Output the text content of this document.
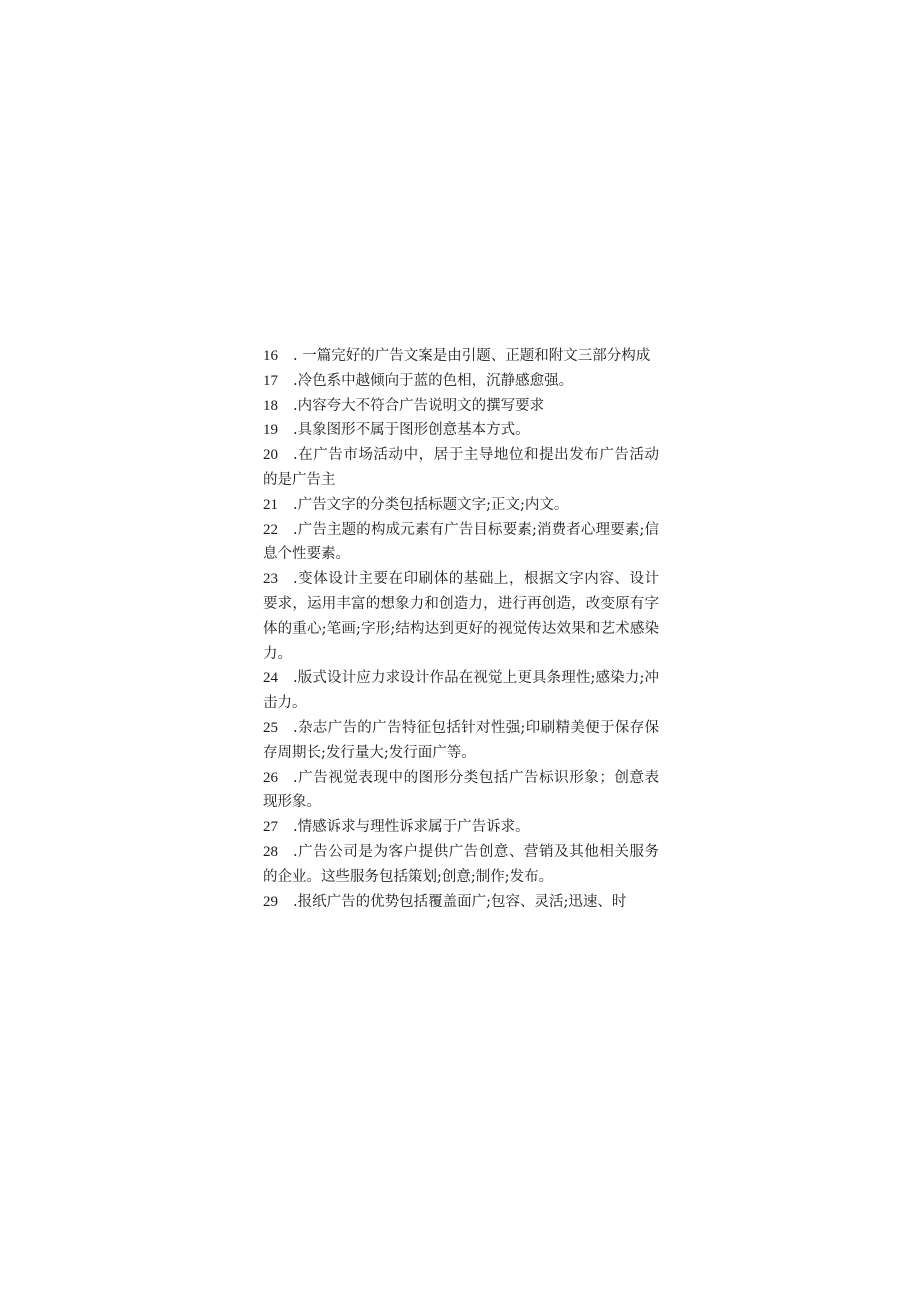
16 . 一篇完好的广告文案是由引题、正题和附文三部分构成

17 .冷色系中越倾向于蓝的色相，沉静感愈强。

18 .内容夸大不符合广告说明文的撰写要求

19 .具象图形不属于图形创意基本方式。

20 .在广告市场活动中，居于主导地位和提出发布广告活动的是广告主

21 .广告文字的分类包括标题文字;正文;内文。

22 .广告主题的构成元素有广告目标要素;消费者心理要素;信息个性要素。

23 .变体设计主要在印刷体的基础上，根据文字内容、设计要求，运用丰富的想象力和创造力，进行再创造，改变原有字体的重心;笔画;字形;结构达到更好的视觉传达效果和艺术感染力。

24 .版式设计应力求设计作品在视觉上更具条理性;感染力;冲击力。

25 .杂志广告的广告特征包括针对性强;印刷精美便于保存保存周期长;发行量大;发行面广等。

26 .广告视觉表现中的图形分类包括广告标识形象；创意表现形象。

27 .情感诉求与理性诉求属于广告诉求。

28 .广告公司是为客户提供广告创意、营销及其他相关服务的企业。这些服务包括策划;创意;制作;发布。

29 .报纸广告的优势包括覆盖面广;包容、灵活;迅速、时
